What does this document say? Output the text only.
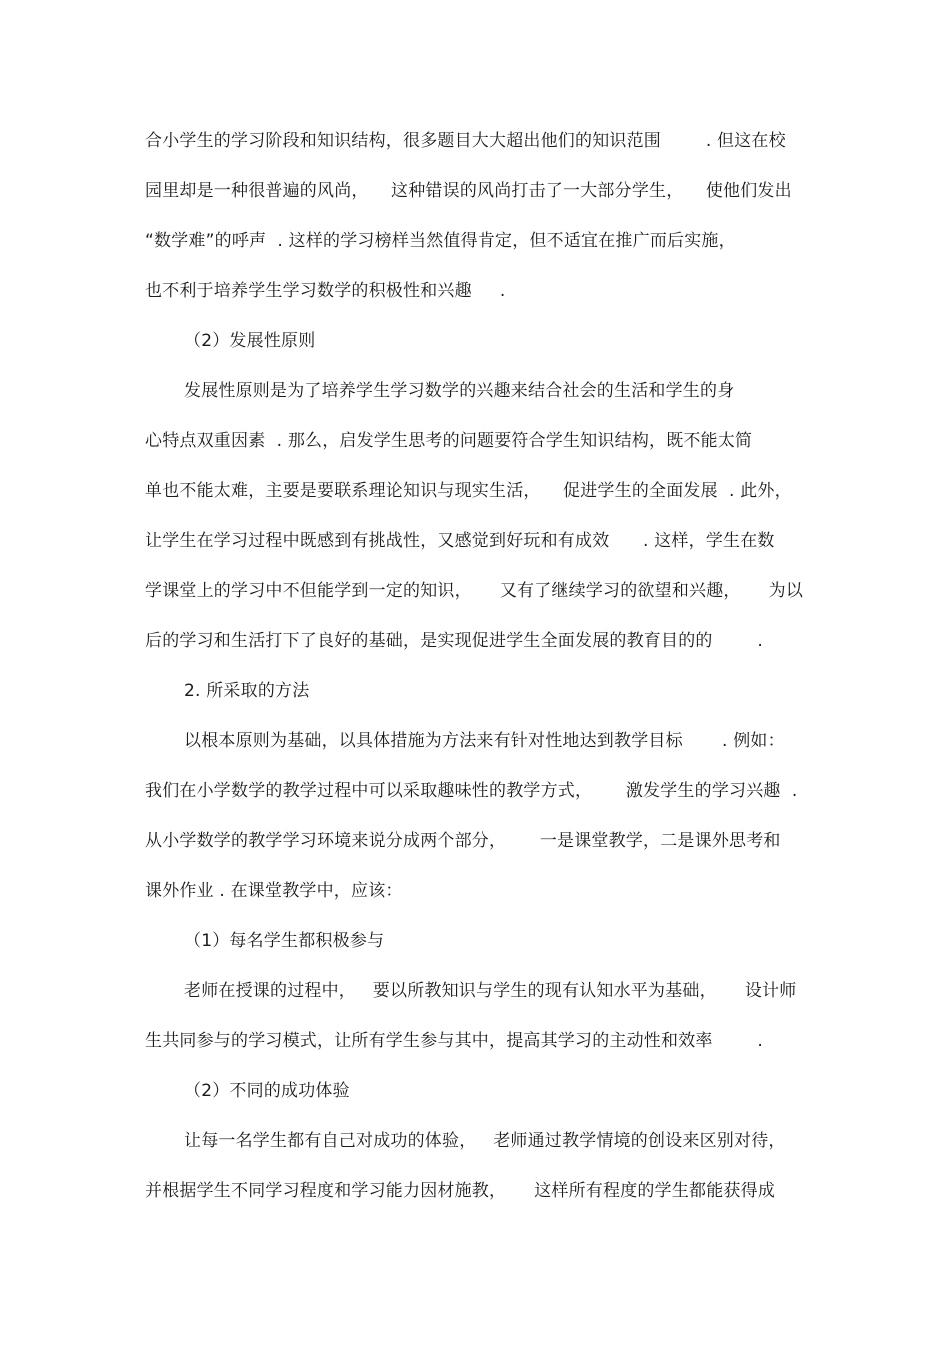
合小学生的学习阶段和知识结构，很多题目大大超出他们的知识范围        . 但这在校
园里却是一种很普遍的风尚，    这种错误的风尚打击了一大部分学生，    使他们发出
“数学难”的呼声  . 这样的学习榜样当然值得肯定，但不适宜在推广而后实施，
也不利于培养学生学习数学的积极性和兴趣     .
（2）发展性原则
发展性原则是为了培养学生学习数学的兴趣来结合社会的生活和学生的身
心特点双重因素  . 那么，启发学生思考的问题要符合学生知识结构，既不能太简
单也不能太难，主要是要联系理论知识与现实生活，    促进学生的全面发展  . 此外，
让学生在学习过程中既感到有挑战性，又感觉到好玩和有成效      . 这样，学生在数
学课堂上的学习中不但能学到一定的知识，     又有了继续学习的欲望和兴趣，     为以
后的学习和生活打下了良好的基础，是实现促进学生全面发展的教育目的的        .
2. 所采取的方法
以根本原则为基础，以具体措施为方法来有针对性地达到教学目标       . 例如：
我们在小学数学的教学过程中可以采取趣味性的教学方式，      激发学生的学习兴趣  .
从小学数学的教学学习环境来说分成两个部分，      一是课堂教学，二是课外思考和
课外作业 . 在课堂教学中，应该：
（1）每名学生都积极参与
老师在授课的过程中，   要以所教知识与学生的现有认知水平为基础，     设计师
生共同参与的学习模式，让所有学生参与其中，提高其学习的主动性和效率        .
（2）不同的成功体验
让每一名学生都有自己对成功的体验，   老师通过教学情境的创设来区别对待，
并根据学生不同学习程度和学习能力因材施教，     这样所有程度的学生都能获得成
